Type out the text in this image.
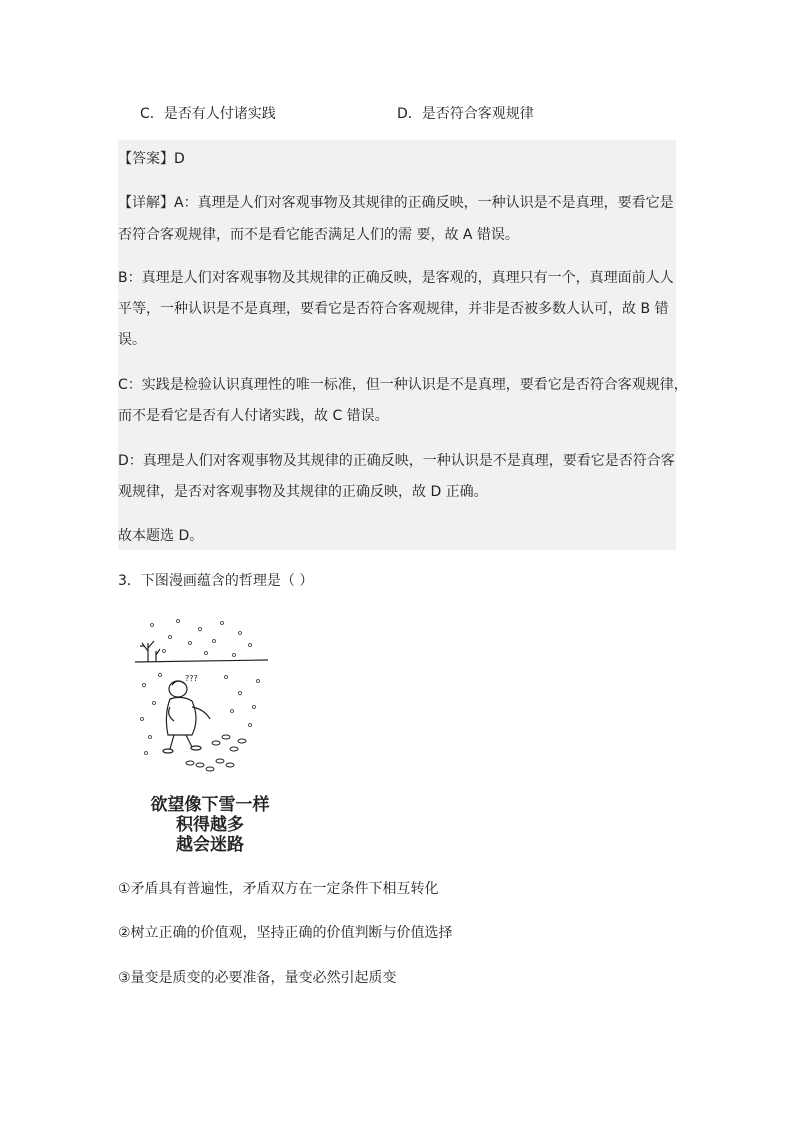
C．是否有人付诸实践	D．是否符合客观规律
【答案】D
【详解】A：真理是人们对客观事物及其规律的正确反映，一种认识是不是真理，要看它是
否符合客观规律，而不是看它能否满足人们的需 要，故 A 错误。
B：真理是人们对客观事物及其规律的正确反映，是客观的，真理只有一个，真理面前人人
平等，一种认识是不是真理，要看它是否符合客观规律，并非是否被多数人认可，故 B 错
误。
C：实践是检验认识真理性的唯一标准，但一种认识是不是真理，要看它是否符合客观规律，
而不是看它是否有人付诸实践，故 C 错误。
D：真理是人们对客观事物及其规律的正确反映，一种认识是不是真理，要看它是否符合客
观规律，是否对客观事物及其规律的正确反映，故 D 正确。
故本题选 D。
3．下图漫画蕴含的哲理是（ ）
???
欲望像下雪一样
积得越多
越会迷路
①矛盾具有普遍性，矛盾双方在一定条件下相互转化
②树立正确的价值观，坚持正确的价值判断与价值选择
③量变是质变的必要准备，量变必然引起质变
